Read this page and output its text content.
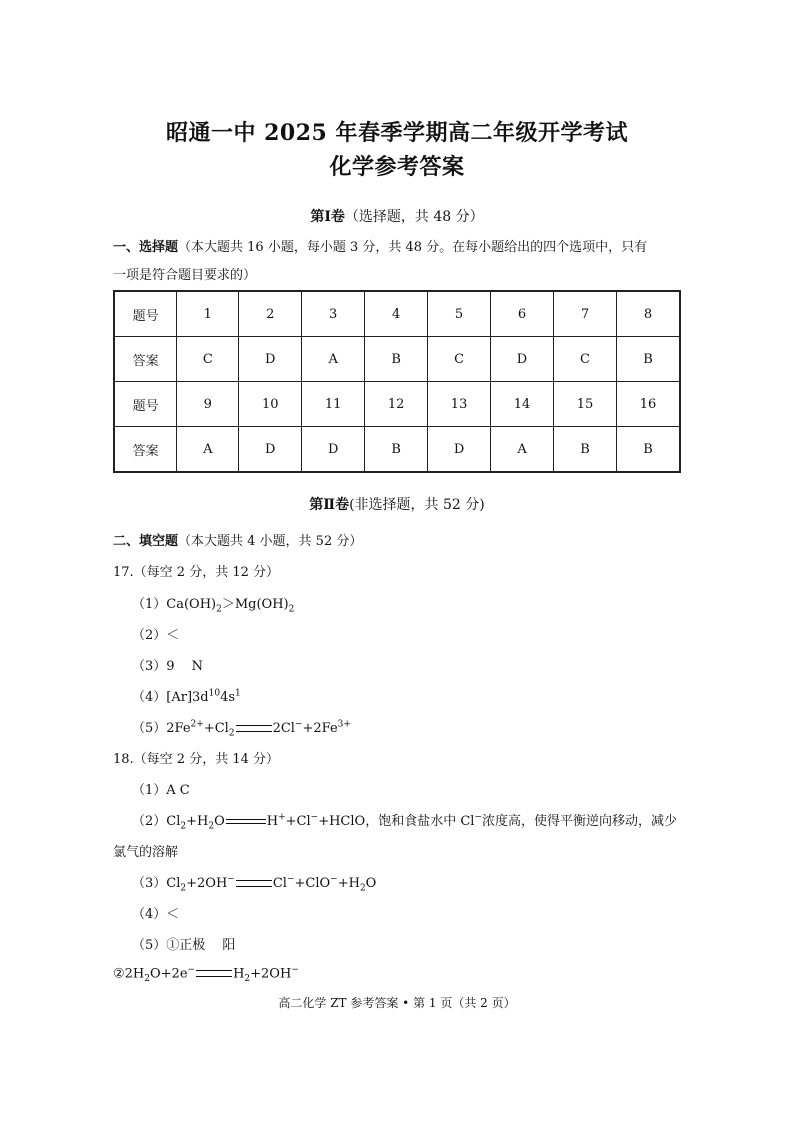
昭通一中 2025 年春季学期高二年级开学考试
化学参考答案
第Ⅰ卷（选择题，共 48 分）
一、选择题（本大题共 16 小题，每小题 3 分，共 48 分。在每小题给出的四个选项中，只有
一项是符合题目要求的）
题号	1	2	3	4	5	6	7	8
答案	C	D	A	B	C	D	C	B
题号	9	10	11	12	13	14	15	16
答案	A	D	D	B	D	A	B	B
第Ⅱ卷(非选择题，共 52 分)
二、填空题（本大题共 4 小题，共 52 分）
17.（每空 2 分，共 12 分）
$(1)Ca(OH)_2>Mg(OH)_2$
（2）＜
（3）9　 N
$(4)[Ar]3d^{10}4s^1$
$(5)2Fe^{2+}+Cl_2$	$2Cl^-+2Fe^{3+}$
18.（每空 2 分，共 14 分）
（1）A C
$(2)Cl_2+H_2O$	H++Cl−+HClO，饱和食盐水中 Cl−浓度高，使得平衡逆向移动，减少
氯气的溶解
$(3)Cl_2+2OH^-$	$Cl^-+ClO^-+H_2O$
（4）＜
（5）①正极　 阳
$②2H_2O+2e^-$	$H_2+2OH^-$
高二化学 ZT 参考答案 • 第 1 页（共 2 页）
